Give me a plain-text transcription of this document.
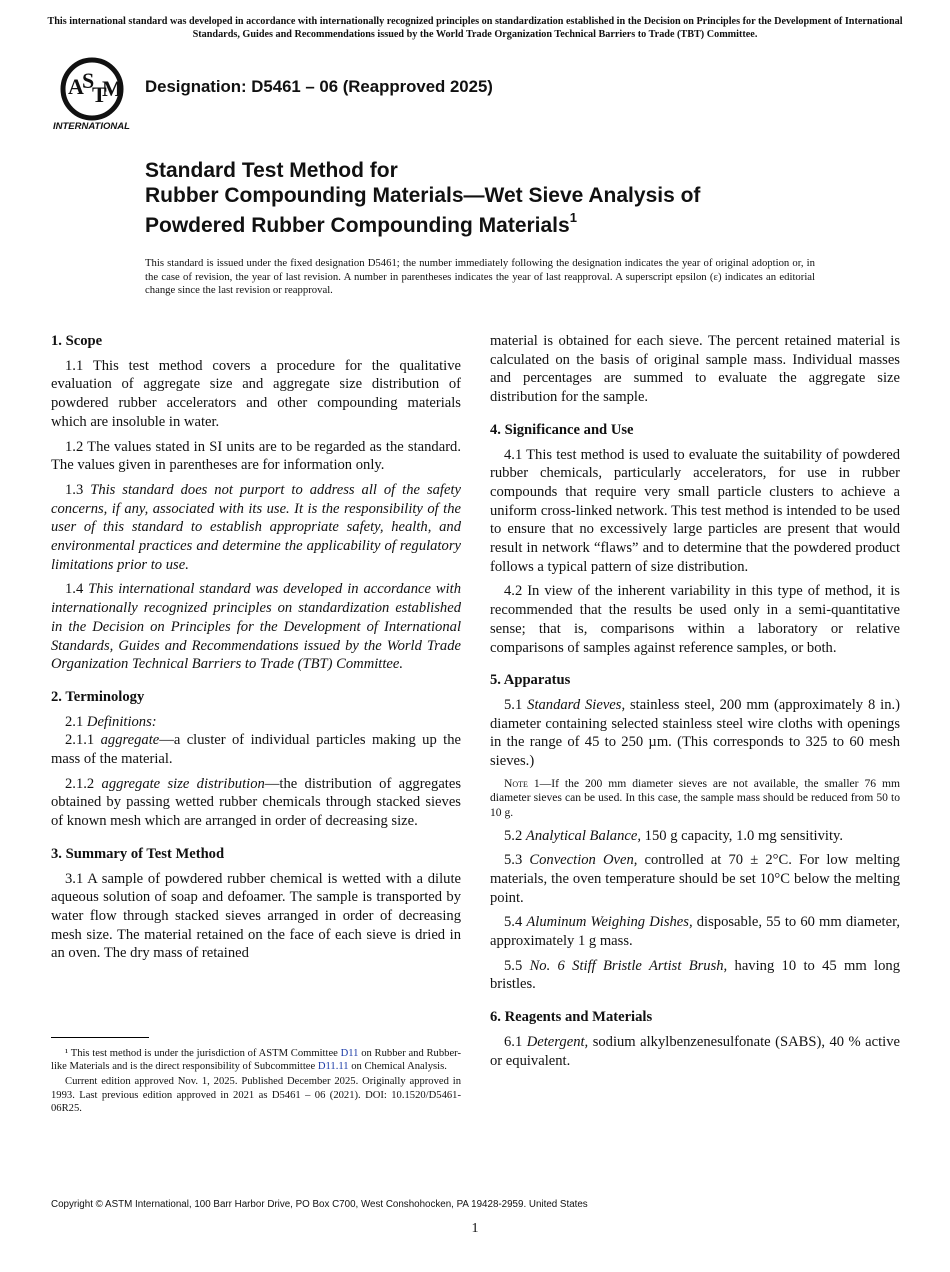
This international standard was developed in accordance with internationally recognized principles on standardization established in the Decision on Principles for the Development of International Standards, Guides and Recommendations issued by the World Trade Organization Technical Barriers to Trade (TBT) Committee.
A
S
T
M
INTERNATIONAL
Designation: D5461 – 06 (Reapproved 2025)
Standard Test Method for
Rubber Compounding Materials—Wet Sieve Analysis of
Powdered Rubber Compounding Materials$^1$
This standard is issued under the fixed designation D5461; the number immediately following the designation indicates the year of original adoption or, in the case of revision, the year of last revision. A number in parentheses indicates the year of last reapproval. A superscript epsilon (ε) indicates an editorial change since the last revision or reapproval.
1. Scope

1.1 This test method covers a procedure for the qualitative evaluation of aggregate size and aggregate size distribution of powdered rubber accelerators and other compounding materials which are insoluble in water.

1.2 The values stated in SI units are to be regarded as the standard. The values given in parentheses are for information only.

1.3 This standard does not purport to address all of the safety concerns, if any, associated with its use. It is the responsibility of the user of this standard to establish appropriate safety, health, and environmental practices and determine the applicability of regulatory limitations prior to use.

1.4 This international standard was developed in accordance with internationally recognized principles on standardization established in the Decision on Principles for the Development of International Standards, Guides and Recommendations issued by the World Trade Organization Technical Barriers to Trade (TBT) Committee.

2. Terminology

2.1 Definitions:

2.1.1 aggregate—a cluster of individual particles making up the mass of the material.

2.1.2 aggregate size distribution—the distribution of aggregates obtained by passing wetted rubber chemicals through stacked sieves of known mesh which are arranged in order of decreasing size.

3. Summary of Test Method

3.1 A sample of powdered rubber chemical is wetted with a dilute aqueous solution of soap and defoamer. The sample is transported by water flow through stacked sieves arranged in order of decreasing mesh size. The material retained on the face of each sieve is dried in an oven. The dry mass of retained

material is obtained for each sieve. The percent retained material is calculated on the basis of original sample mass. Individual masses and percentages are summed to evaluate the aggregate size distribution for the sample.

4. Significance and Use

4.1 This test method is used to evaluate the suitability of powdered rubber chemicals, particularly accelerators, for use in rubber compounds that require very small particle clusters to achieve a uniform cross-linked network. This test method is intended to be used to ensure that no excessively large particles are present that would result in network “flaws” and to determine that the powdered product follows a typical pattern of size distribution.

4.2 In view of the inherent variability in this type of method, it is recommended that the results be used only in a semi-quantitative sense; that is, comparisons within a laboratory or relative comparisons of samples against reference samples, or both.

5. Apparatus

5.1 Standard Sieves, stainless steel, 200 mm (approximately 8 in.) diameter containing selected stainless steel wire cloths with openings in the range of 45 to 250 µm. (This corresponds to 325 to 60 mesh sieves.)

Note 1—If the 200 mm diameter sieves are not available, the smaller 76 mm diameter sieves can be used. In this case, the sample mass should be reduced from 50 to 10 g.

5.2 Analytical Balance, 150 g capacity, 1.0 mg sensitivity.

5.3 Convection Oven, controlled at 70 ± 2°C. For low melting materials, the oven temperature should be set 10°C below the melting point.

5.4 Aluminum Weighing Dishes, disposable, 55 to 60 mm diameter, approximately 1 g mass.

5.5 No. 6 Stiff Bristle Artist Brush, having 10 to 45 mm long bristles.

6. Reagents and Materials

6.1 Detergent, sodium alkylbenzenesulfonate (SABS), 40 % active or equivalent.

¹ This test method is under the jurisdiction of ASTM Committee D11 on Rubber and Rubber-like Materials and is the direct responsibility of Subcommittee D11.11 on Chemical Analysis.

Current edition approved Nov. 1, 2025. Published December 2025. Originally approved in 1993. Last previous edition approved in 2021 as D5461 – 06 (2021). DOI: 10.1520/D5461-06R25.

Copyright © ASTM International, 100 Barr Harbor Drive, PO Box C700, West Conshohocken, PA 19428-2959. United States
1
